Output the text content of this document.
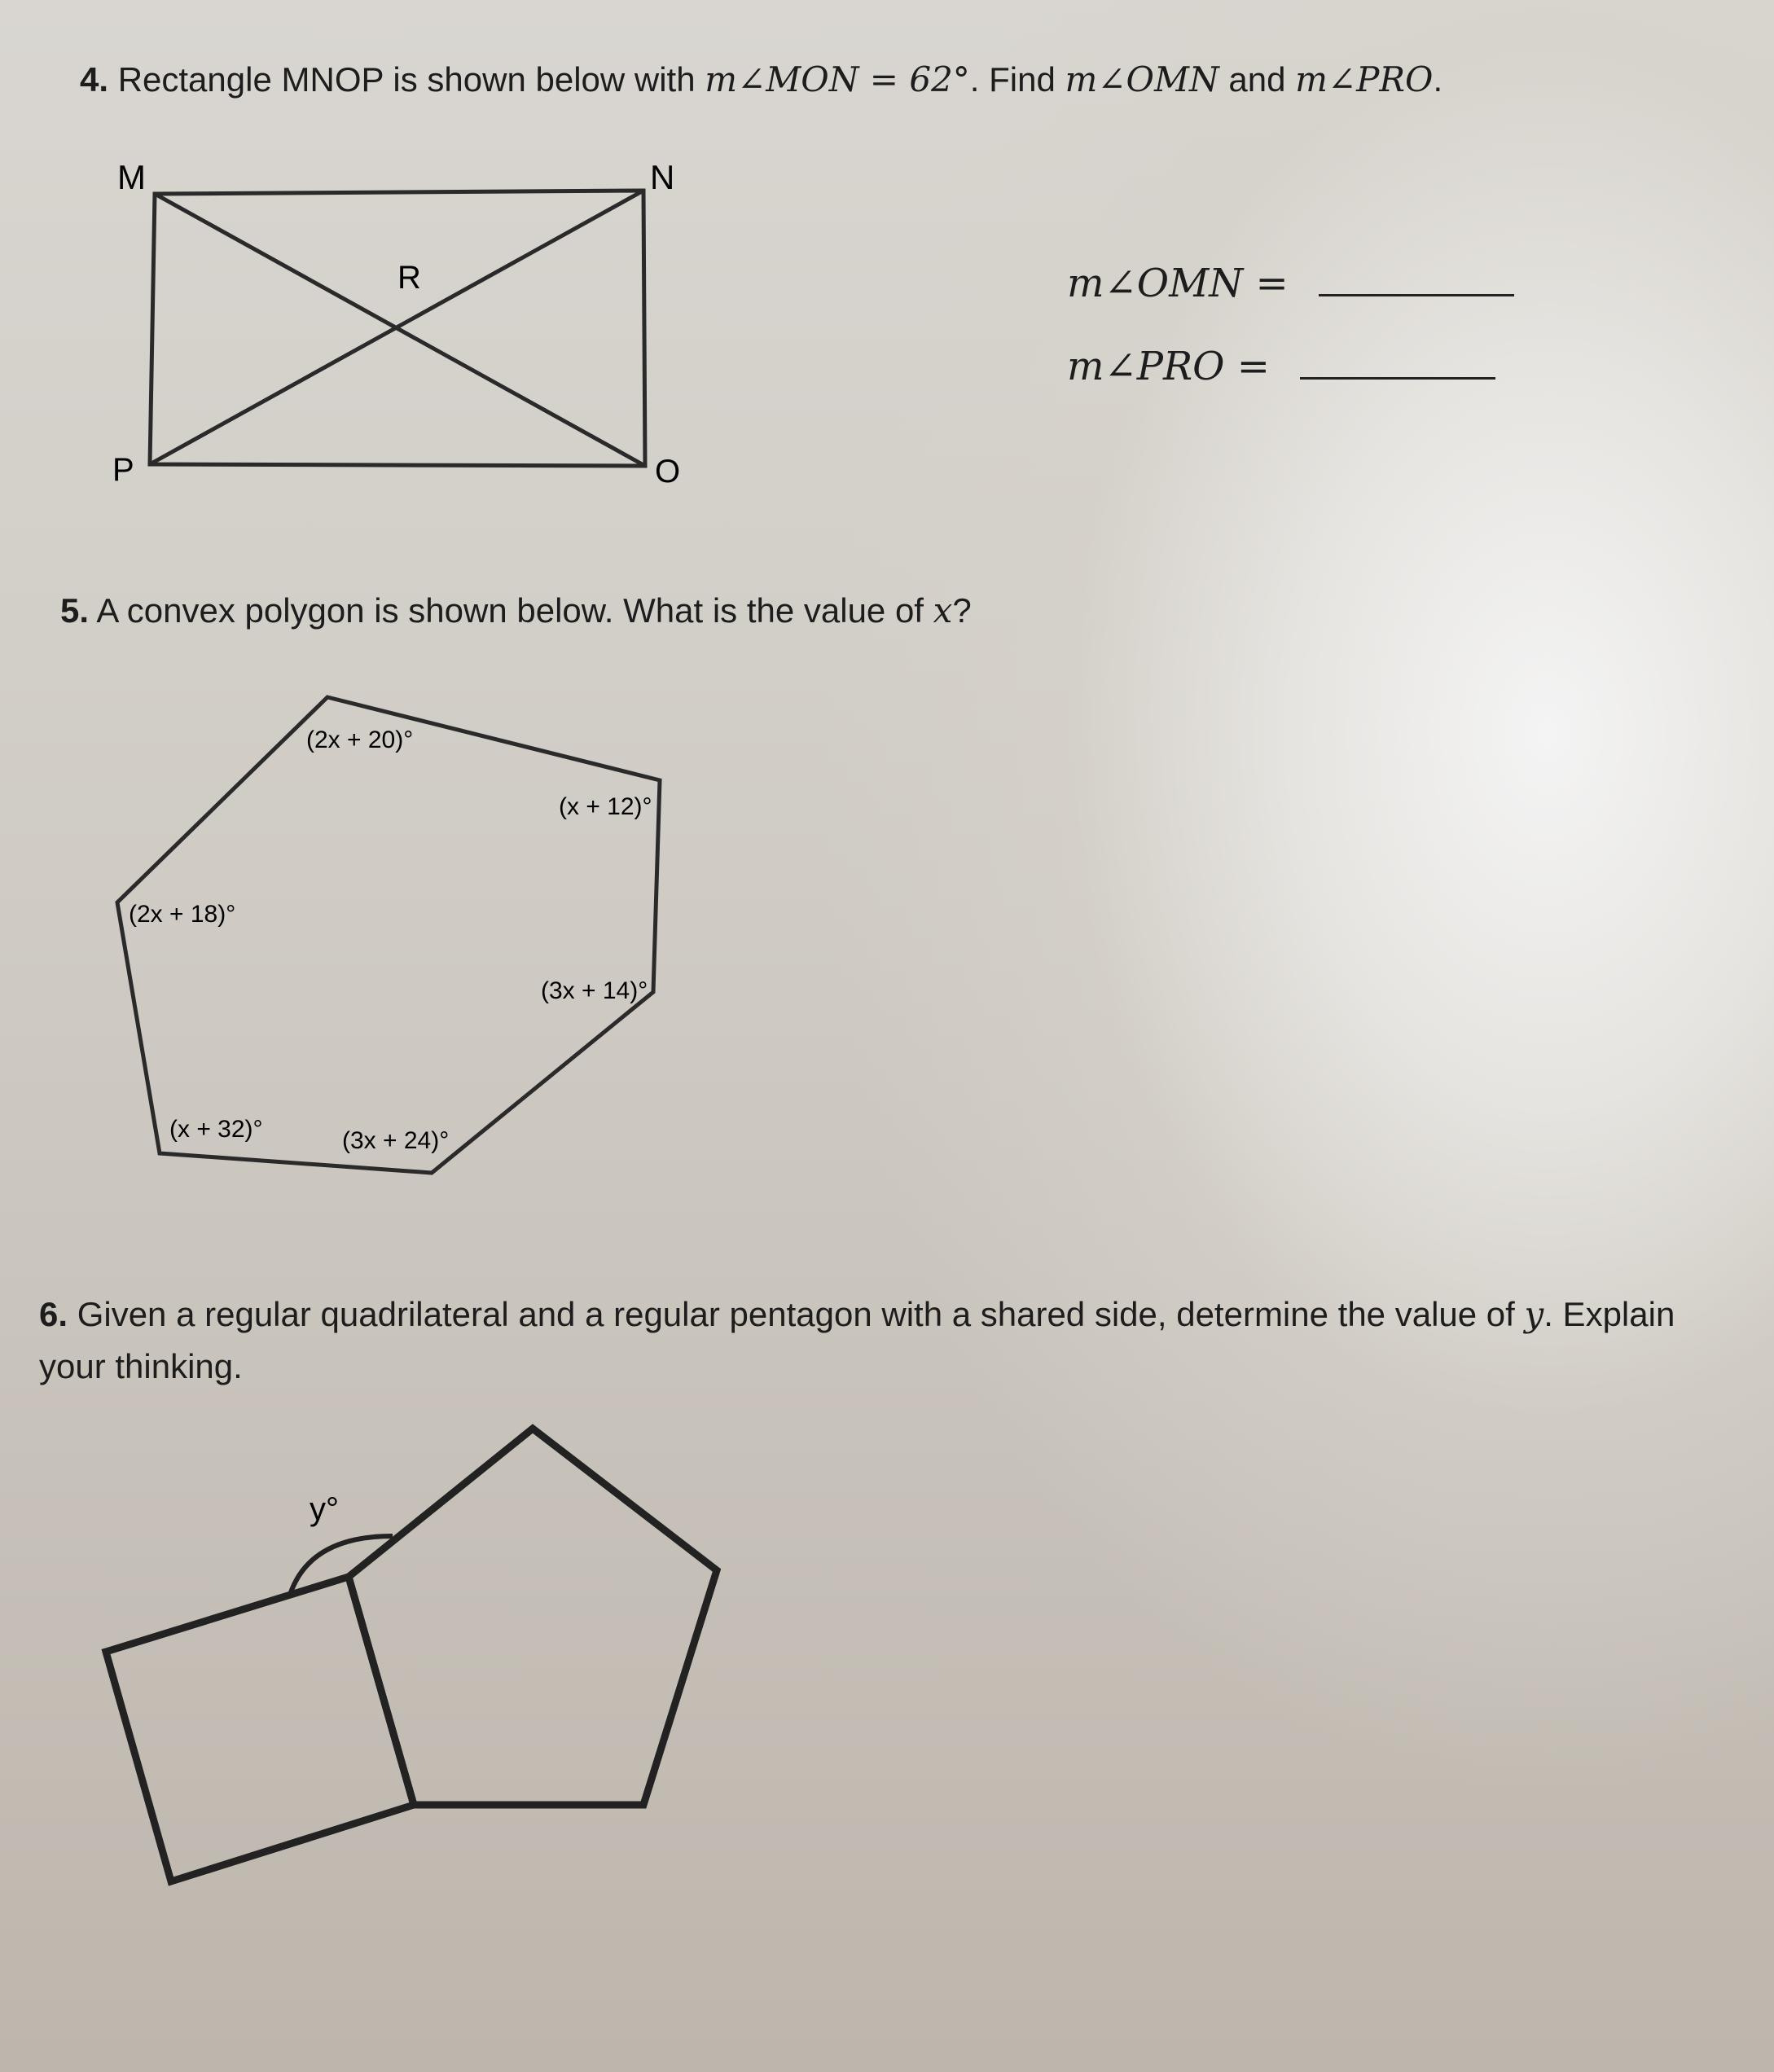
4. Rectangle MNOP is shown below with m∠MON = 62°. Find m∠OMN and m∠PRO.
M	N
R
P	O
m∠OMN =
m∠PRO =
5. A convex polygon is shown below. What is the value of x?
(2x + 20)°
(x + 12)°
(2x + 18)°
(3x + 14)°
(x + 32)°	(3x + 24)°
6. Given a regular quadrilateral and a regular pentagon with a shared side, determine the value of y. Explain
your thinking.
y°
